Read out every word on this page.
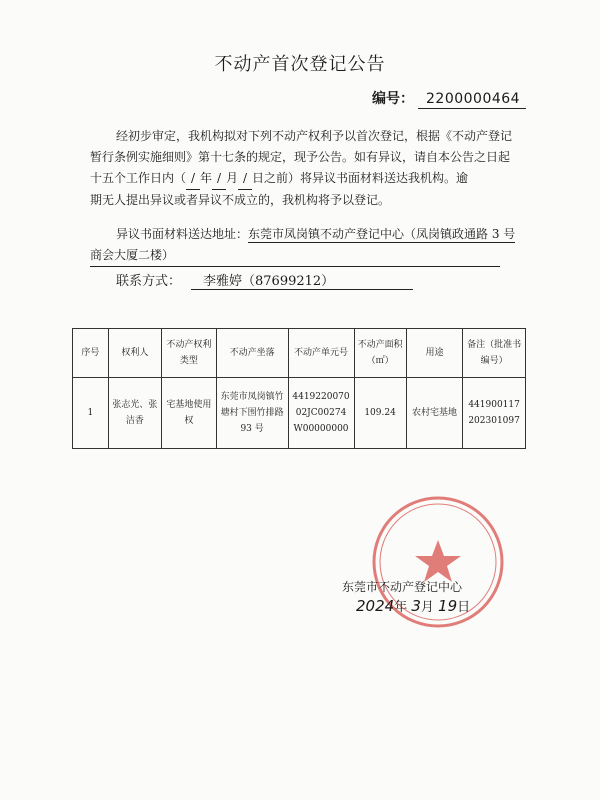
不动产首次登记公告
编号： 2200000464

经初步审定，我机构拟对下列不动产权利予以首次登记，根据《不动产登记

暂行条例实施细则》第十七条的规定，现予公告。如有异议，请自本公告之日起

十五个工作日内（ / 年 / 月 / 日之前）将异议书面材料送达我机构。逾

期无人提出异议或者异议不成立的，我机构将予以登记。

异议书面材料送达地址：东莞市凤岗镇不动产登记中心（凤岗镇政通路 3 号
商会大厦二楼）
联系方式： 李雅婷（87699212）
序号	权利人	不动产权利类型	不动产坐落	不动产单元号	不动产面积（㎡）	用途	备注（批准书编号）
1	张志光、张洁香	宅基地使用权	东莞市凤岗镇竹塘村下围竹排路 93 号	441922007002JC00274W00000000	109.24	农村宅基地	441900117202301097
东莞市不动产登记中心
2024年 3月 19日
